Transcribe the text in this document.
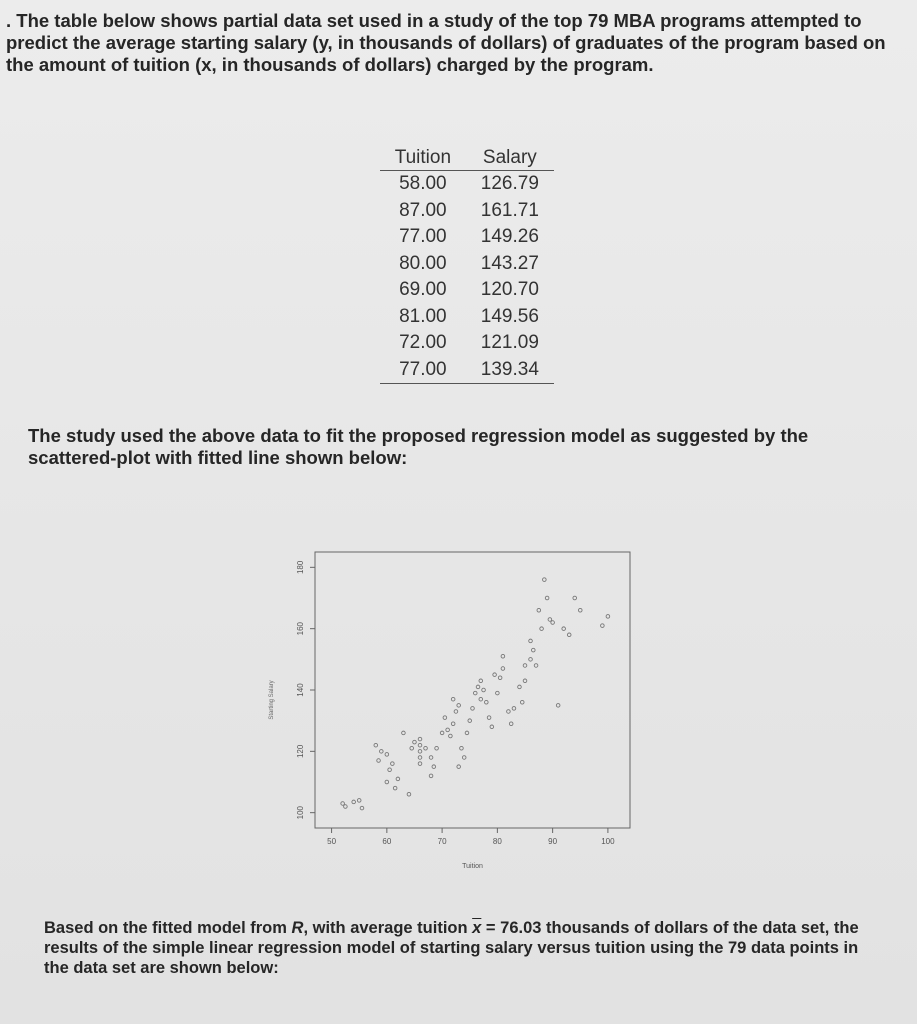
. The table below shows partial data set used in a study of the top 79 MBA programs attempted to predict the average starting salary (y, in thousands of dollars) of graduates of the program based on the amount of tuition (x, in thousands of dollars) charged by the program.
Tuition	Salary
58.00	126.79
87.00	161.71
77.00	149.26
80.00	143.27
69.00	120.70
81.00	149.56
72.00	121.09
77.00	139.34
The study used the above data to fit the proposed regression model as suggested by the scattered-plot with fitted line shown below:
50	60	70	80	90	100
100
120
140
160
180
Tuition
Starting Salary
Based on the fitted model from R, with average tuition $\overline{x} = 76.03$ thousands of dollars of the data set, the results of the simple linear regression model of starting salary versus tuition using the 79 data points in the data set are shown below:
